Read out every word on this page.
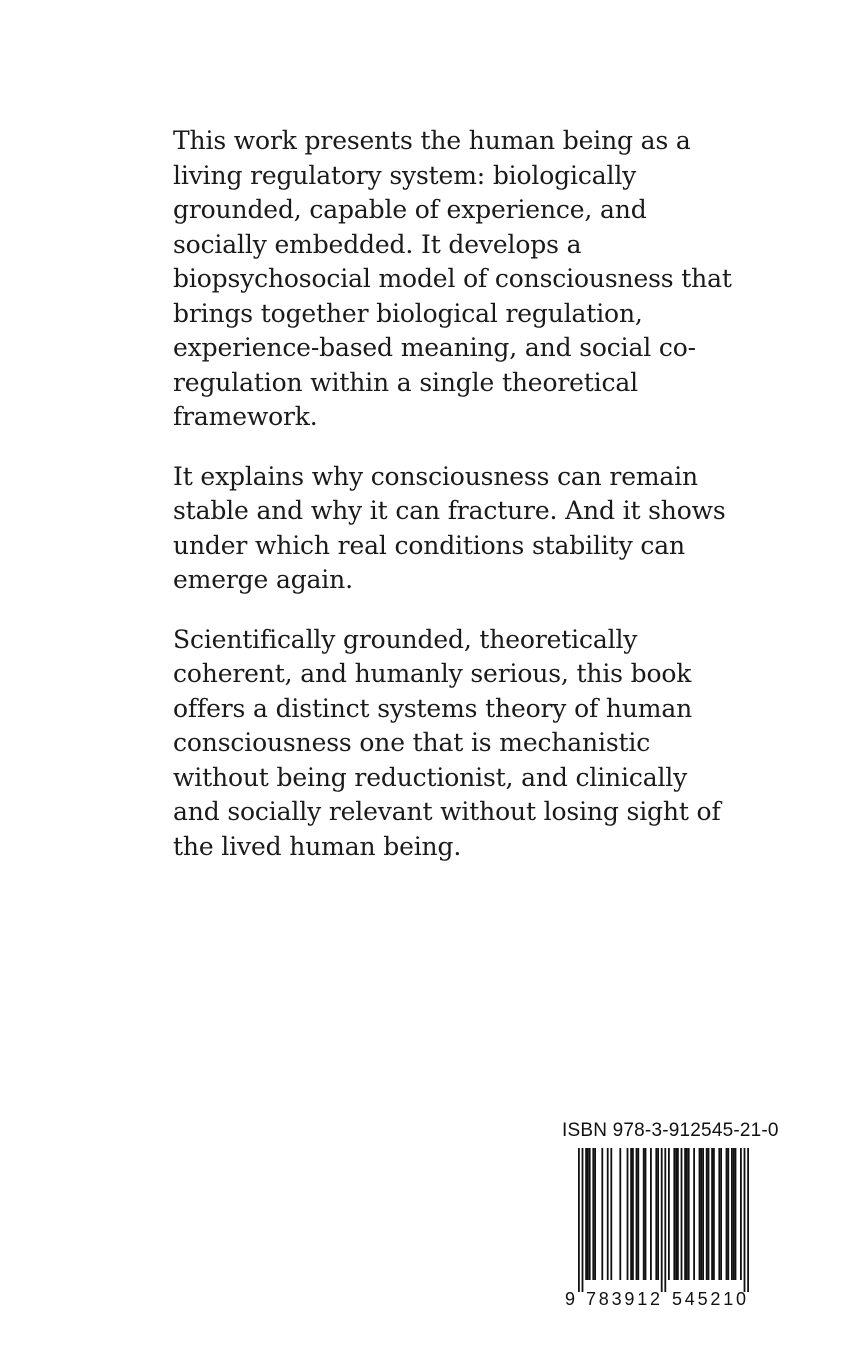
This work presents the human being as a
living regulatory system: biologically
grounded, capable of experience, and
socially embedded. It develops a
biopsychosocial model of consciousness that
brings together biological regulation,
experience-based meaning, and social co-
regulation within a single theoretical
framework.
It explains why consciousness can remain
stable and why it can fracture. And it shows
under which real conditions stability can
emerge again.
Scientifically grounded, theoretically
coherent, and humanly serious, this book
offers a distinct systems theory of human
consciousness one that is mechanistic
without being reductionist, and clinically
and socially relevant without losing sight of
the lived human being.
ISBN 978-3-912545-21-0
9 783912 545210
